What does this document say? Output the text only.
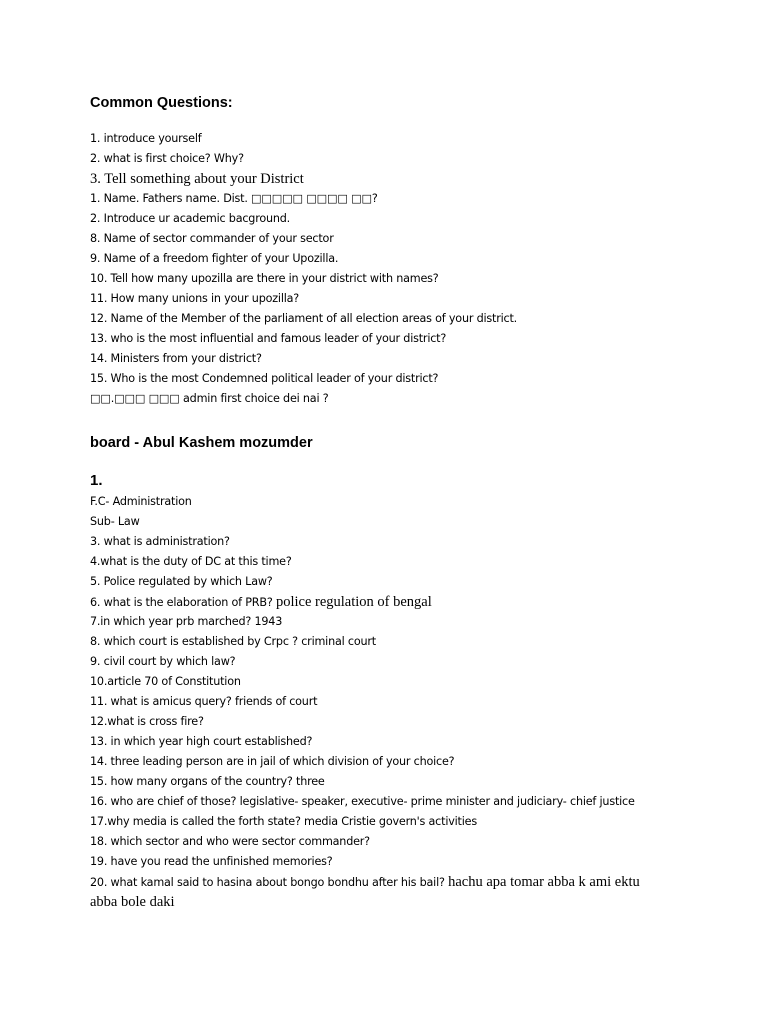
Common Questions:
1. introduce yourself
2. what is first choice? Why?
3. Tell something about your District
1. Name. Fathers name. Dist. □□□□□ □□□□ □□?
2. Introduce ur academic bacground.
8. Name of sector commander of your sector
9. Name of a freedom fighter of your Upozilla.
10. Tell how many upozilla are there in your district with names?
11. How many unions in your upozilla?
12. Name of the Member of the parliament of all election areas of your district.
13. who is the most influential and famous leader of your district?
14. Ministers from your district?
15. Who is the most Condemned political leader of your district?
□□.□□□ □□□ admin first choice dei nai ?
board - Abul Kashem mozumder
1.
F.C- Administration
Sub- Law
3. what is administration?
4.what is the duty of DC at this time?
5. Police regulated by which Law?
6. what is the elaboration of PRB? police regulation of bengal
7.in which year prb marched? 1943
8. which court is established by Crpc ? criminal court
9. civil court by which law?
10.article 70 of Constitution
11. what is amicus query? friends of court
12.what is cross fire?
13. in which year high court established?
14. three leading person are in jail of which division of your choice?
15. how many organs of the country? three
16. who are chief of those? legislative- speaker, executive- prime minister and judiciary- chief justice
17.why media is called the forth state? media Cristie govern's activities
18. which sector and who were sector commander?
19. have you read the unfinished memories?
20. what kamal said to hasina about bongo bondhu after his bail? hachu apa tomar abba k ami ektu
abba bole daki
